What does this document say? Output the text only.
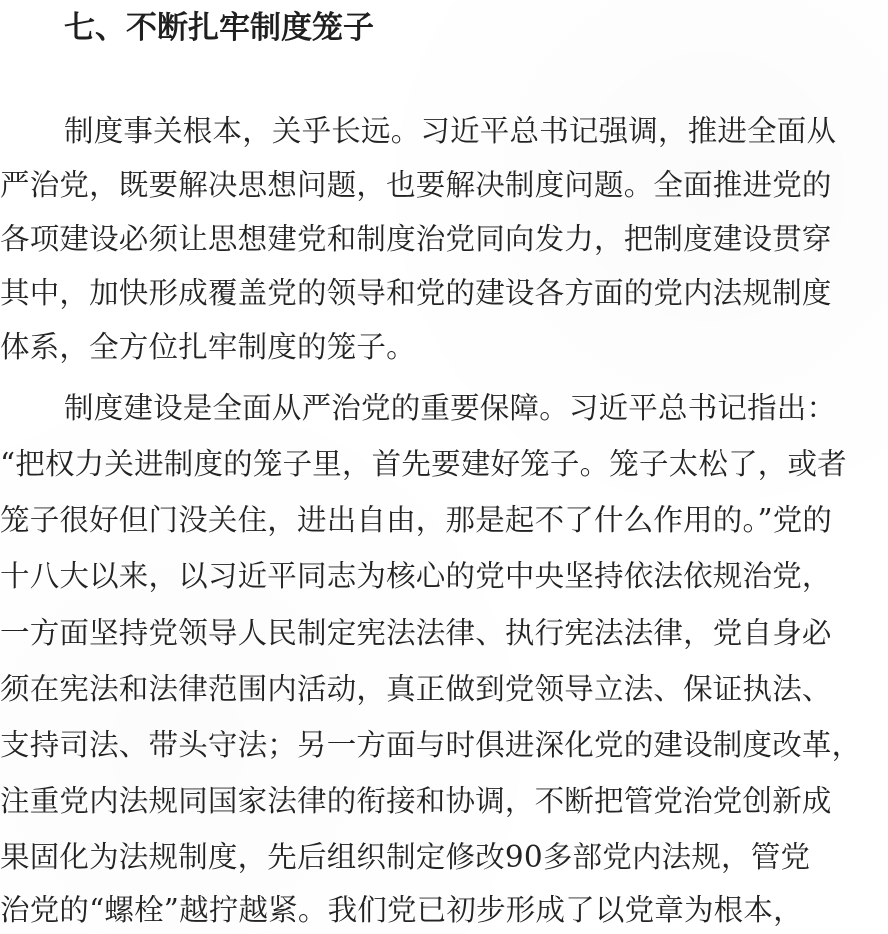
七、不断扎牢制度笼子
制度事关根本，关乎长远。习近平总书记强调，推进全面从
严治党，既要解决思想问题，也要解决制度问题。全面推进党的
各项建设必须让思想建党和制度治党同向发力，把制度建设贯穿
其中，加快形成覆盖党的领导和党的建设各方面的党内法规制度
体系，全方位扎牢制度的笼子。
制度建设是全面从严治党的重要保障。习近平总书记指出：
“把权力关进制度的笼子里，首先要建好笼子。笼子太松了，或者
笼子很好但门没关住，进出自由，那是起不了什么作用的。”党的
十八大以来，以习近平同志为核心的党中央坚持依法依规治党，
一方面坚持党领导人民制定宪法法律、执行宪法法律，党自身必
须在宪法和法律范围内活动，真正做到党领导立法、保证执法、
支持司法、带头守法；另一方面与时俱进深化党的建设制度改革，
注重党内法规同国家法律的衔接和协调，不断把管党治党创新成
果固化为法规制度，先后组织制定修改90多部党内法规，管党
治党的“螺栓”越拧越紧。我们党已初步形成了以党章为根本，
